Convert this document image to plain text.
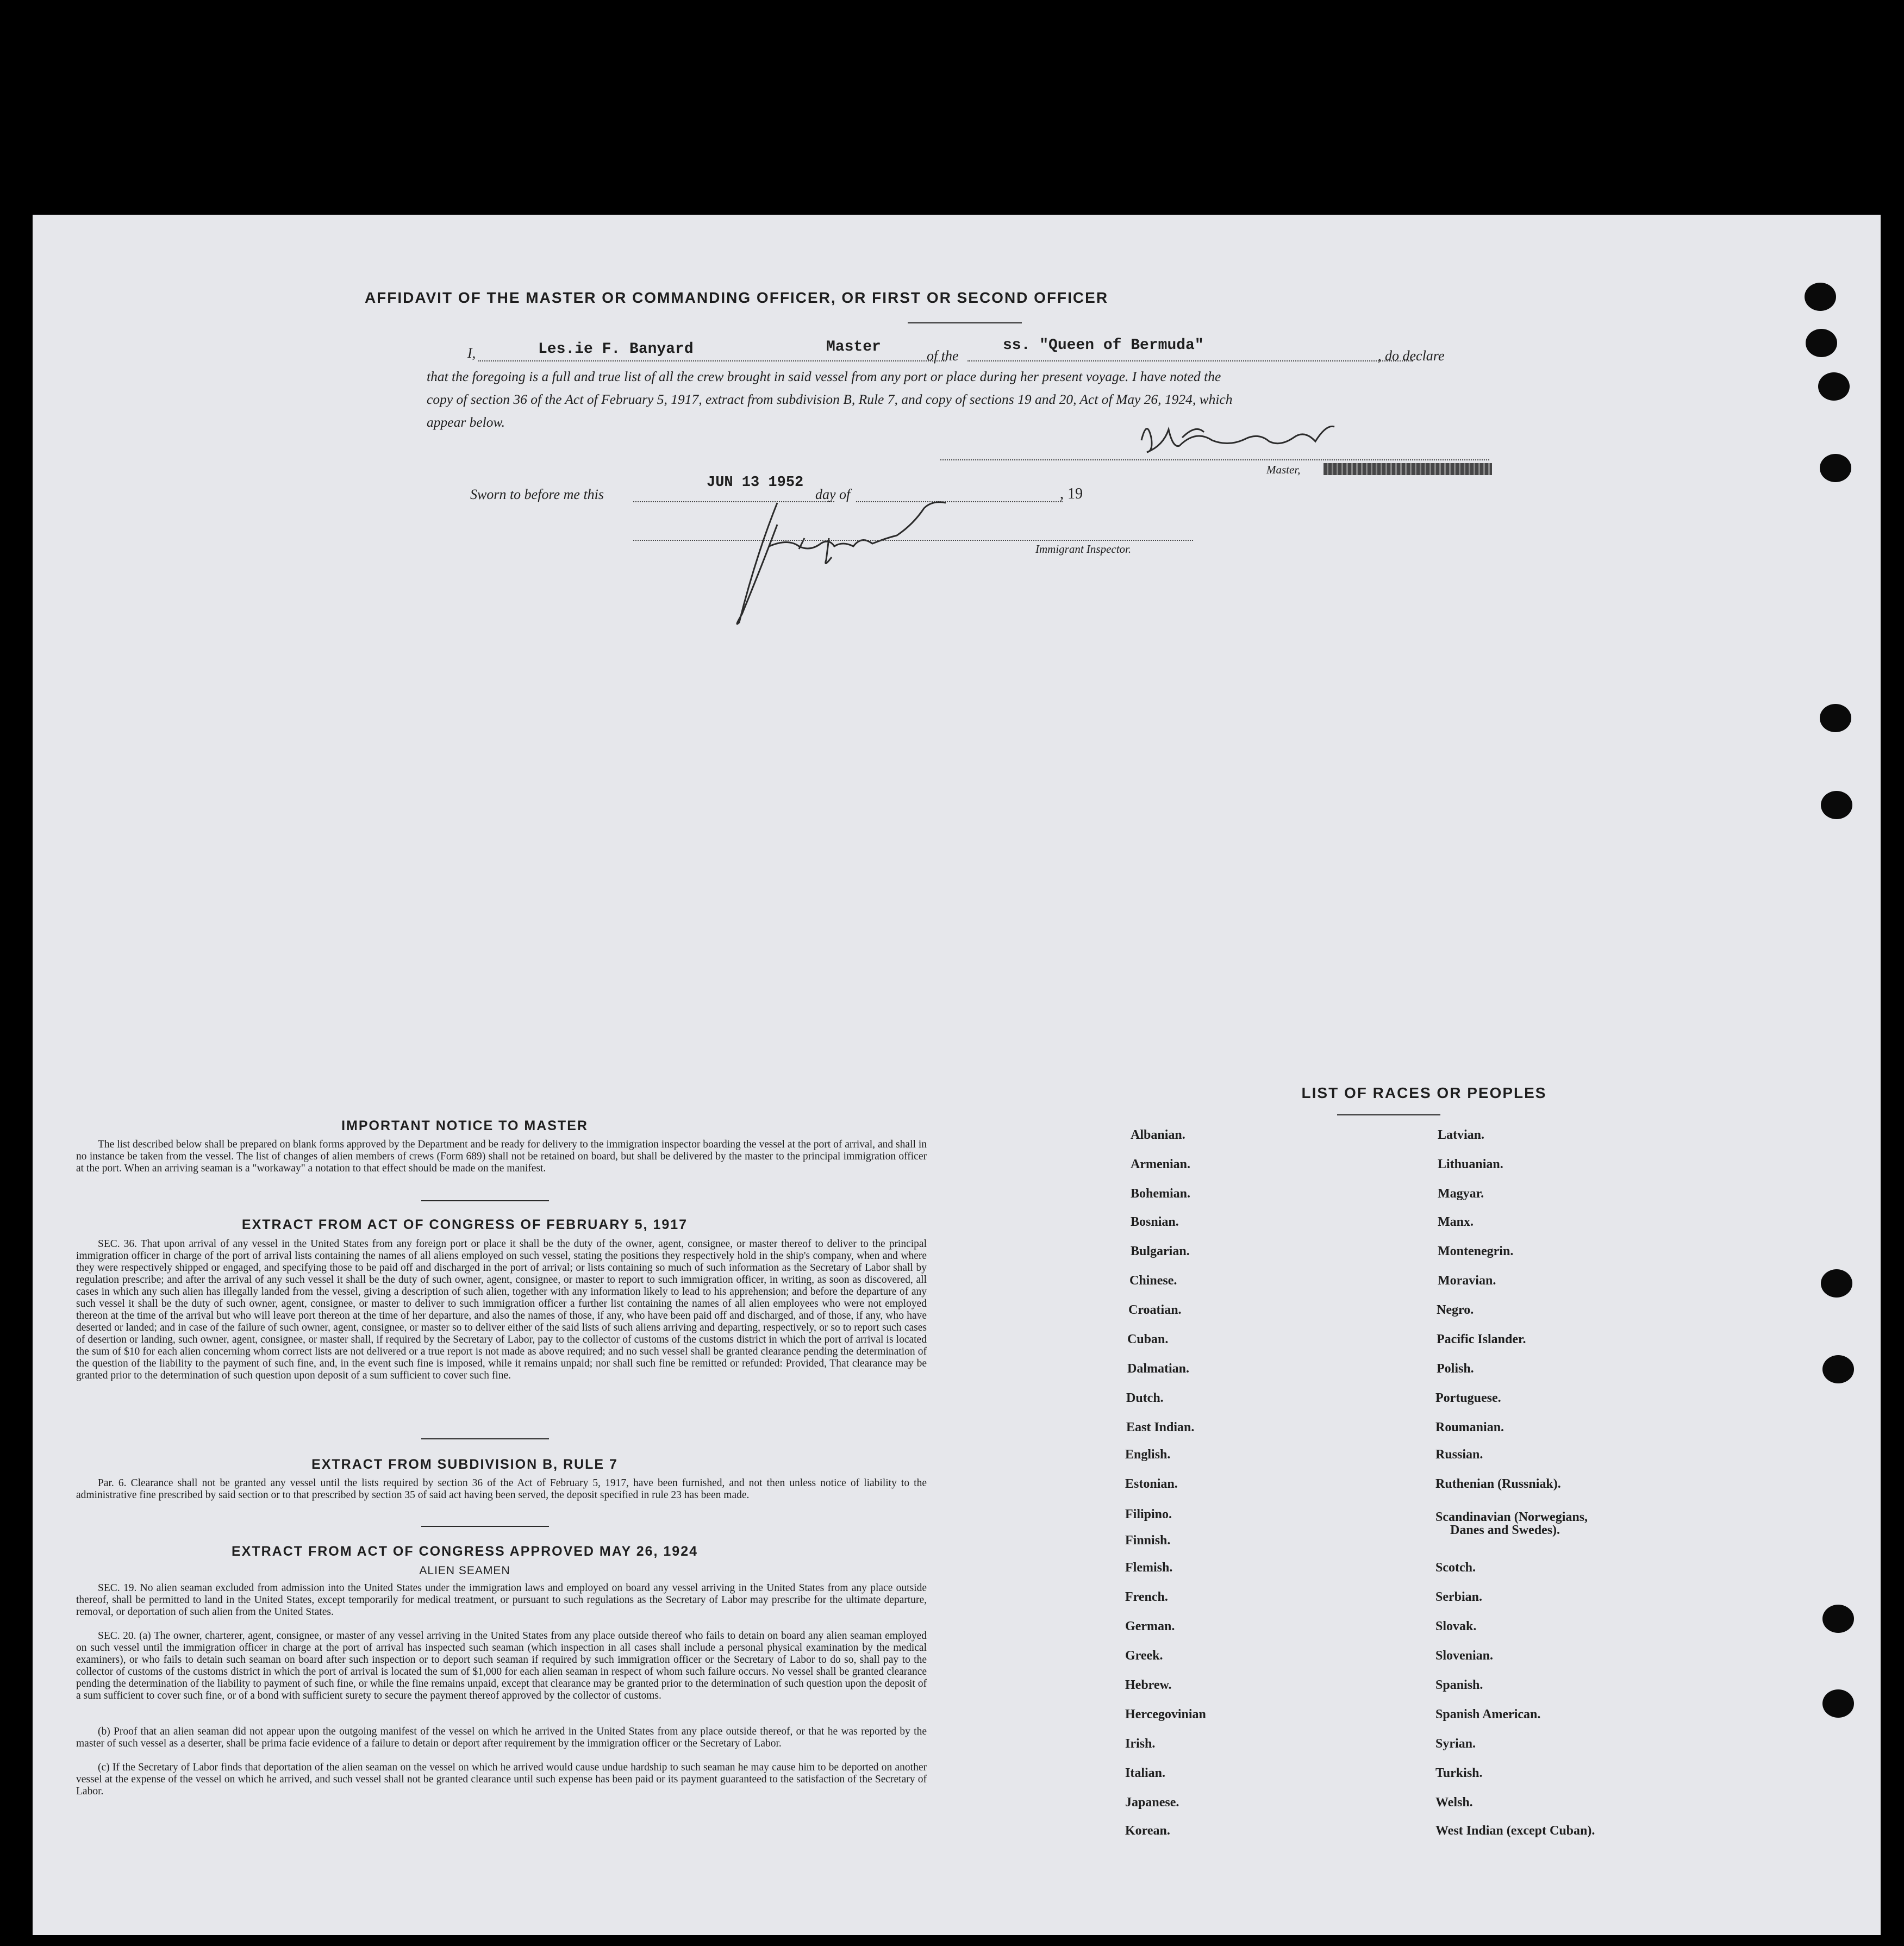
AFFIDAVIT OF THE MASTER OR COMMANDING OFFICER, OR FIRST OR SECOND OFFICER
I,	Les.ie F. Banyard	Master
of the
ss. "Queen of Bermuda"
, do declare
that the foregoing is a full and true list of all the crew brought in said vessel from any port or place during her present voyage. I have noted the
copy of section 36 of the Act of February 5, 1917, extract from subdivision B, Rule 7, and copy of sections 19 and 20, Act of May 26, 1924, which
appear below.
Master,
Sworn to before me this
JUN 13 1952
day of	, 19
Immigrant Inspector.
IMPORTANT NOTICE TO MASTER
The list described below shall be prepared on blank forms approved by the Department and be ready for delivery to the immigration inspector boarding the vessel at the port of arrival, and shall in no instance be taken from the vessel. The list of changes of alien members of crews (Form 689) shall not be retained on board, but shall be delivered by the master to the principal immigration officer at the port. When an arriving seaman is a "workaway" a notation to that effect should be made on the manifest.
EXTRACT FROM ACT OF CONGRESS OF FEBRUARY 5, 1917
SEC. 36. That upon arrival of any vessel in the United States from any foreign port or place it shall be the duty of the owner, agent, consignee, or master thereof to deliver to the principal immigration officer in charge of the port of arrival lists containing the names of all aliens employed on such vessel, stating the positions they respectively hold in the ship's company, when and where they were respectively shipped or engaged, and specifying those to be paid off and discharged in the port of arrival; or lists containing so much of such information as the Secretary of Labor shall by regulation prescribe; and after the arrival of any such vessel it shall be the duty of such owner, agent, consignee, or master to report to such immigration officer, in writing, as soon as discovered, all cases in which any such alien has illegally landed from the vessel, giving a description of such alien, together with any information likely to lead to his apprehension; and before the departure of any such vessel it shall be the duty of such owner, agent, consignee, or master to deliver to such immigration officer a further list containing the names of all alien employees who were not employed thereon at the time of the arrival but who will leave port thereon at the time of her departure, and also the names of those, if any, who have been paid off and discharged, and of those, if any, who have deserted or landed; and in case of the failure of such owner, agent, consignee, or master so to deliver either of the said lists of such aliens arriving and departing, respectively, or so to report such cases of desertion or landing, such owner, agent, consignee, or master shall, if required by the Secretary of Labor, pay to the collector of customs of the customs district in which the port of arrival is located the sum of $10 for each alien concerning whom correct lists are not delivered or a true report is not made as above required; and no such vessel shall be granted clearance pending the determination of the question of the liability to the payment of such fine, and, in the event such fine is imposed, while it remains unpaid; nor shall such fine be remitted or refunded: Provided, That clearance may be granted prior to the determination of such question upon deposit of a sum sufficient to cover such fine.
EXTRACT FROM SUBDIVISION B, RULE 7
Par. 6. Clearance shall not be granted any vessel until the lists required by section 36 of the Act of February 5, 1917, have been furnished, and not then unless notice of liability to the administrative fine prescribed by said section or to that prescribed by section 35 of said act having been served, the deposit specified in rule 23 has been made.
EXTRACT FROM ACT OF CONGRESS APPROVED MAY 26, 1924
ALIEN SEAMEN
SEC. 19. No alien seaman excluded from admission into the United States under the immigration laws and employed on board any vessel arriving in the United States from any place outside thereof, shall be permitted to land in the United States, except temporarily for medical treatment, or pursuant to such regulations as the Secretary of Labor may prescribe for the ultimate departure, removal, or deportation of such alien from the United States.
SEC. 20. (a) The owner, charterer, agent, consignee, or master of any vessel arriving in the United States from any place outside thereof who fails to detain on board any alien seaman employed on such vessel until the immigration officer in charge at the port of arrival has inspected such seaman (which inspection in all cases shall include a personal physical examination by the medical examiners), or who fails to detain such seaman on board after such inspection or to deport such seaman if required by such immigration officer or the Secretary of Labor to do so, shall pay to the collector of customs of the customs district in which the port of arrival is located the sum of $1,000 for each alien seaman in respect of whom such failure occurs. No vessel shall be granted clearance pending the determination of the liability to payment of such fine, or while the fine remains unpaid, except that clearance may be granted prior to the determination of such question upon the deposit of a sum sufficient to cover such fine, or of a bond with sufficient surety to secure the payment thereof approved by the collector of customs.
(b) Proof that an alien seaman did not appear upon the outgoing manifest of the vessel on which he arrived in the United States from any place outside thereof, or that he was reported by the master of such vessel as a deserter, shall be prima facie evidence of a failure to detain or deport after requirement by the immigration officer or the Secretary of Labor.
(c) If the Secretary of Labor finds that deportation of the alien seaman on the vessel on which he arrived would cause undue hardship to such seaman he may cause him to be deported on another vessel at the expense of the vessel on which he arrived, and such vessel shall not be granted clearance until such expense has been paid or its payment guaranteed to the satisfaction of the Secretary of Labor.
LIST OF RACES OR PEOPLES
Albanian.
Armenian.
Bohemian.
Bosnian.
Bulgarian.
Chinese.
Croatian.
Cuban.
Dalmatian.
Dutch.
East Indian.
English.
Estonian.
Filipino.
Finnish.
Flemish.
French.
German.
Greek.
Hebrew.
Hercegovinian
Irish.
Italian.
Japanese.
Korean.
Latvian.
Lithuanian.
Magyar.
Manx.
Montenegrin.
Moravian.
Negro.
Pacific Islander.
Polish.
Portuguese.
Roumanian.
Russian.
Ruthenian (Russniak).
Scandinavian (Norwegians,
Danes and Swedes).
Scotch.
Serbian.
Slovak.
Slovenian.
Spanish.
Spanish American.
Syrian.
Turkish.
Welsh.
West Indian (except Cuban).
